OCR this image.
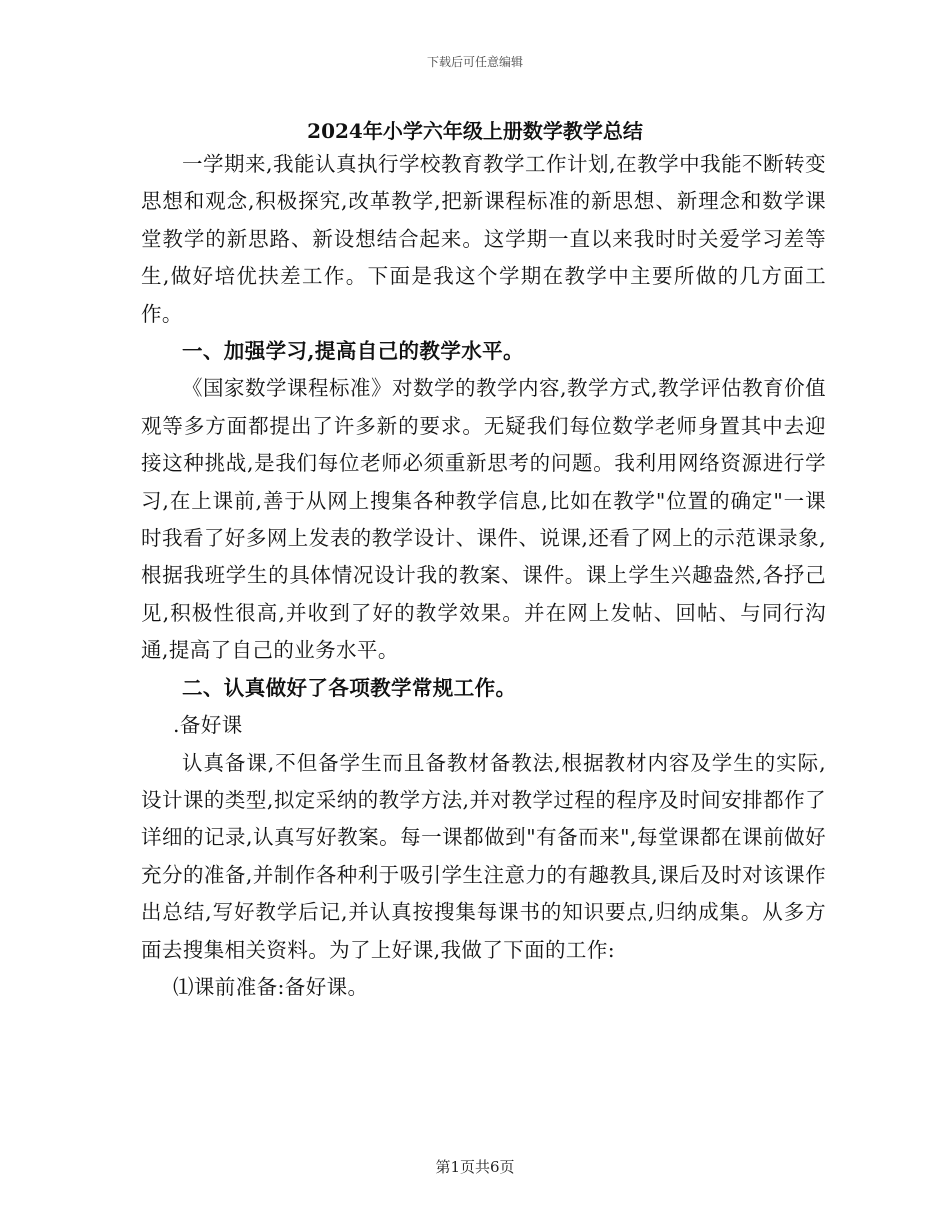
下载后可任意编辑
2024年小学六年级上册数学教学总结

一学期来,我能认真执行学校教育教学工作计划,在教学中我能不断转变思想和观念,积极探究,改革教学,把新课程标准的新思想、新理念和数学课堂教学的新思路、新设想结合起来。这学期一直以来我时时关爱学习差等生,做好培优扶差工作。下面是我这个学期在教学中主要所做的几方面工作。

一、加强学习,提高自己的教学水平。

《国家数学课程标准》对数学的教学内容,教学方式,教学评估教育价值观等多方面都提出了许多新的要求。无疑我们每位数学老师身置其中去迎接这种挑战,是我们每位老师必须重新思考的问题。我利用网络资源进行学习,在上课前,善于从网上搜集各种教学信息,比如在教学"位置的确定"一课时我看了好多网上发表的教学设计、课件、说课,还看了网上的示范课录象,根据我班学生的具体情况设计我的教案、课件。课上学生兴趣盎然,各抒己见,积极性很高,并收到了好的教学效果。并在网上发帖、回帖、与同行沟通,提高了自己的业务水平。

二、认真做好了各项教学常规工作。

.备好课

认真备课,不但备学生而且备教材备教法,根据教材内容及学生的实际,设计课的类型,拟定采纳的教学方法,并对教学过程的程序及时间安排都作了详细的记录,认真写好教案。每一课都做到"有备而来",每堂课都在课前做好充分的准备,并制作各种利于吸引学生注意力的有趣教具,课后及时对该课作出总结,写好教学后记,并认真按搜集每课书的知识要点,归纳成集。从多方面去搜集相关资料。为了上好课,我做了下面的工作:

⑴课前准备:备好课。

第1页共6页
